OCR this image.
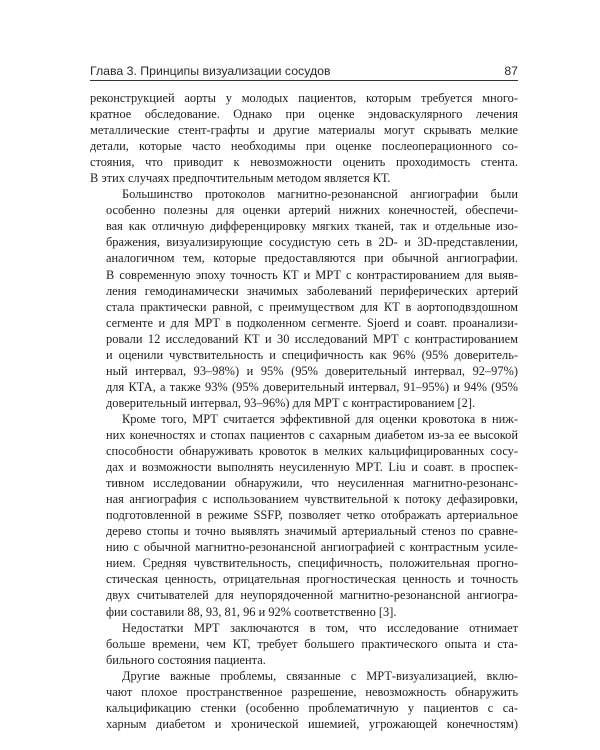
Глава 3. Принципы визуализации сосудов	87

реконструкцией аорты у молодых пациентов, которым требуется много-
кратное обследование. Однако при оценке эндоваскулярного лечения
металлические стент-графты и другие материалы могут скрывать мелкие
детали, которые часто необходимы при оценке послеоперационного со-
стояния, что приводит к невозможности оценить проходимость стента.
В этих случаях предпочтительным методом является КТ.

Большинство протоколов магнитно-резонансной ангиографии были
особенно полезны для оценки артерий нижних конечностей, обеспечи-
вая как отличную дифференцировку мягких тканей, так и отдельные изо-
бражения, визуализирующие сосудистую сеть в 2D- и 3D-представлении,
аналогичном тем, которые предоставляются при обычной ангиографии.
В современную эпоху точность КТ и МРТ с контрастированием для выяв-
ления гемодинамически значимых заболеваний периферических артерий
стала практически равной, с преимуществом для КТ в аортоподвздошном
сегменте и для МРТ в подколенном сегменте. Sjoerd и соавт. проанализи-
ровали 12 исследований КТ и 30 исследований МРТ с контрастированием
и оценили чувствительность и специфичность как 96% (95% доверитель-
ный интервал, 93–98%) и 95% (95% доверительный интервал, 92–97%)
для КТА, а также 93% (95% доверительный интервал, 91–95%) и 94% (95%
доверительный интервал, 93–96%) для МРТ с контрастированием [2].

Кроме того, МРТ считается эффективной для оценки кровотока в ниж-
них конечностях и стопах пациентов с сахарным диабетом из-за ее высокой
способности обнаруживать кровоток в мелких кальцифицированных сосу-
дах и возможности выполнять неусиленную МРТ. Liu и соавт. в проспек-
тивном исследовании обнаружили, что неусиленная магнитно-резонанс-
ная ангиография с использованием чувствительной к потоку дефазировки,
подготовленной в режиме SSFP, позволяет четко отображать артериальное
дерево стопы и точно выявлять значимый артериальный стеноз по сравне-
нию с обычной магнитно-резонансной ангиографией с контрастным усиле-
нием. Средняя чувствительность, специфичность, положительная прогно-
стическая ценность, отрицательная прогностическая ценность и точность
двух считывателей для неупорядоченной магнитно-резонансной ангиогра-
фии составили 88, 93, 81, 96 и 92% соответственно [3].

Недостатки МРТ заключаются в том, что исследование отнимает
больше времени, чем КТ, требует большего практического опыта и ста-
бильного состояния пациента.

Другие важные проблемы, связанные с МРТ-визуализацией, вклю-
чают плохое пространственное разрешение, невозможность обнаружить
кальцификацию стенки (особенно проблематичную у пациентов с са-
харным диабетом и хронической ишемией, угрожающей конечностям)
